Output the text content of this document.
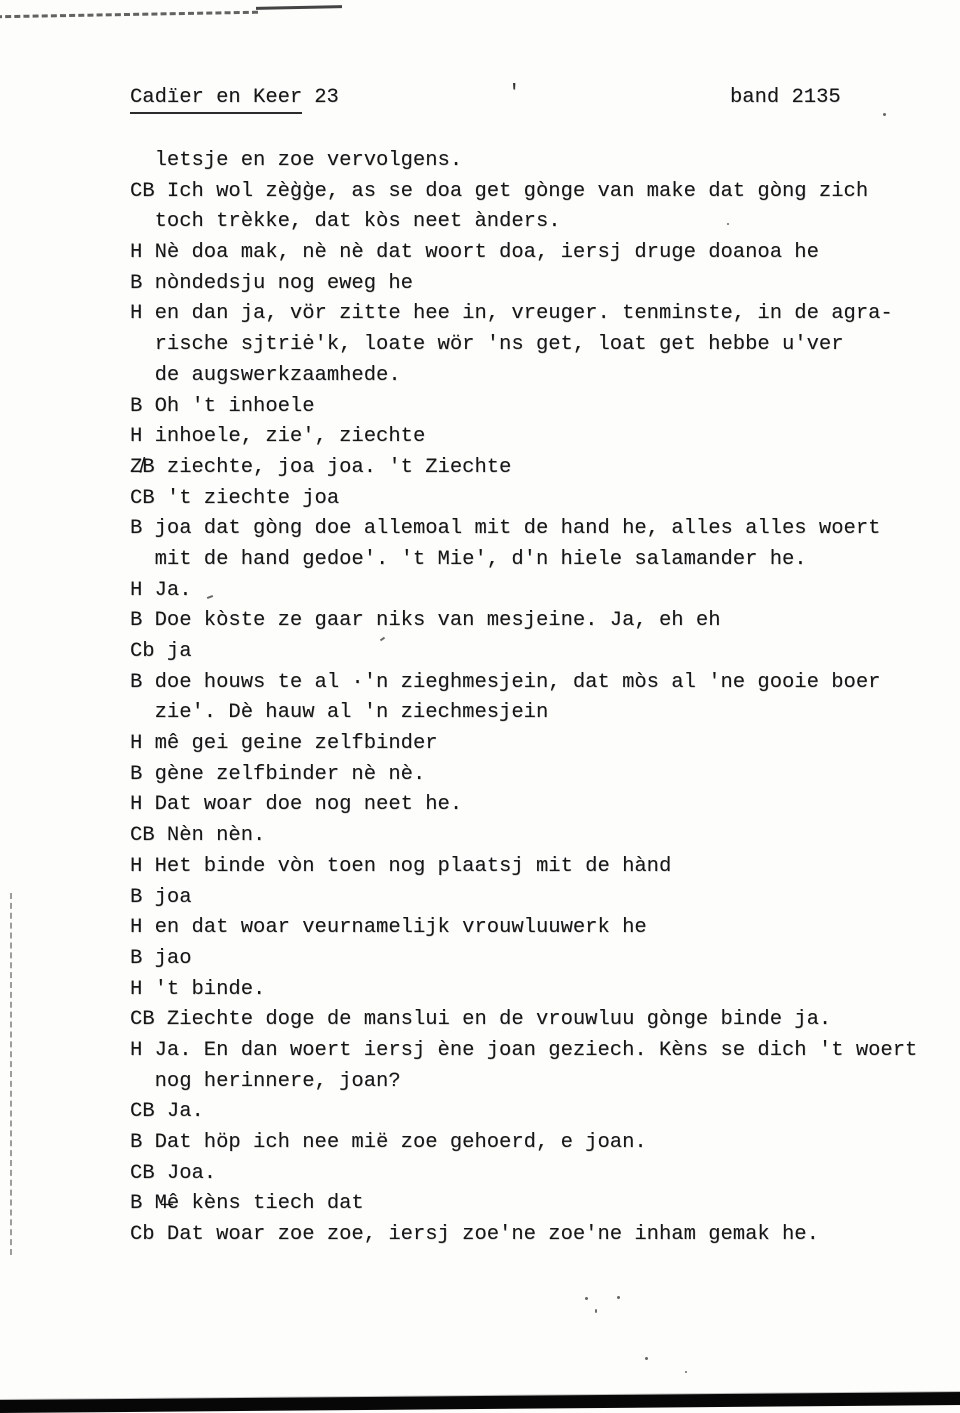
Cadïer en Keer 23	'	band 2135
letsje en zoe vervolgens.
CB Ich wol zèg̀g̀e, as se doa get gònge van make dat gòng zich
toch trèkke, dat kòs neet ànders.
H Nè doa mak, nè nè dat woort doa, iersj druge doanoa he
B nòndedsju nog eweg he
H en dan ja, vör zitte hee in, vreuger. tenminste, in de agra-
rische sjtriė'k, loate wör 'ns get, loat get hebbe u'ver
de augswerkzaamhede.
B Oh 't inhoele
H inhoele, zie', ziechte
Z̸B ziechte, joa joa. 't Ziechte
CB 't ziechte joa
B joa dat gòng doe allemoal mit de hand he, alles alles woert
mit de hand gedoe'. 't Mie', d'n hiele salamander he.
H Ja.
B Doe kòste ze gaar niks van mesjeine. Ja, eh eh
Cb ja
B doe houws te al ·'n zieghmesjein, dat mòs al 'ne gooie boer
zie'. Dè hauw al 'n ziechmesjein
H mê gei geine zelfbinder
B gène zelfbinder nè nè.
H Dat woar doe nog neet he.
CB Nèn nèn.
H Het binde vòn toen nog plaatsj mit de hànd
B joa
H en dat woar veurnamelijk vrouwluuwerk he
B jao
H 't binde.
CB Ziechte doge de manslui en de vrouwluu gònge binde ja.
H Ja. En dan woert iersj ène joan geziech. Kèns se dich 't woert
nog herinnere, joan?
CB Ja.
B Dat höp ich nee mië zoe gehoerd, e joan.
CB Joa.
B M̶ê kèns tiech dat
Cb Dat woar zoe zoe, iersj zoe'ne zoe'ne inham gemak he.
